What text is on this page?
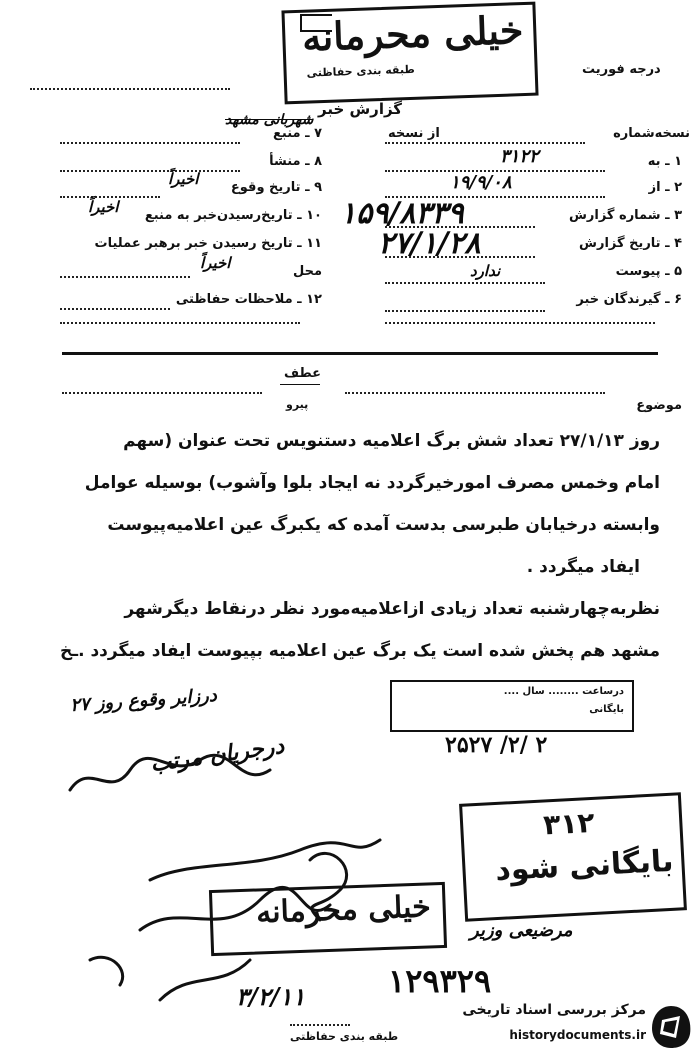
خیلی محرمانه
طبقه بندی حفاظتی	درجه فوریت
گزارش خبر
نسخه‌شماره
از نسخه
۱ ـ به
۳۱۲۲
۲ ـ از
۱۹/۹/۰۸
۳ ـ شماره گزارش
۱۵۹/۸۳۳۹
۴ ـ تاریخ گزارش
۲۷/۱/۲۸
۵ ـ پیوست
ندارد
۶ ـ گیرندگان خبر
شهربانی مشهد
۷ ـ منبع
۸ ـ منشأ
۹ ـ تاریخ وقوع
اخیراً
۱۰ ـ تاریخ‌رسیدن‌خبر به منبع
اخیراً
۱۱ ـ تاریخ رسیدن خبر برهبر عملیات
محل
اخیراً
۱۲ ـ ملاحظات حفاظتی
عطف
پیرو	موضوع
روز ۲۷/۱/۱۳ تعداد شش برگ اعلامیه دستنویس تحت عنوان (سهم
امام وخمس مصرف امورخیرگردد نه ایجاد بلوا وآشوب) بوسیله عوامل
وابسته درخیابان طبرسی بدست آمده که یکبرگ عین اعلامیه‌پیوست
ایفاد میگردد .
نظربه‌چهارشنبه تعداد زیادی ازاعلامیه‌مورد نظر درنقاط دیگرشهر
مشهد هم پخش شده است یک برگ عین اعلامیه بپیوست ایفاد میگردد .ـخ
درزایر وقوع روز ۲۷
درجریان مرتب
درساعت ........ سال ....
بایگانی
۲۵۲۷ /۲/ ۲
۳۱۲
بایگانی شود
خیلی محرمانه
مرضیعی وزیر
۱۲۹۳۲۹
۳/۲/۱۱
طبقه بندی حفاظتی
مرکز بررسی اسناد تاریخی
historydocuments.ir
